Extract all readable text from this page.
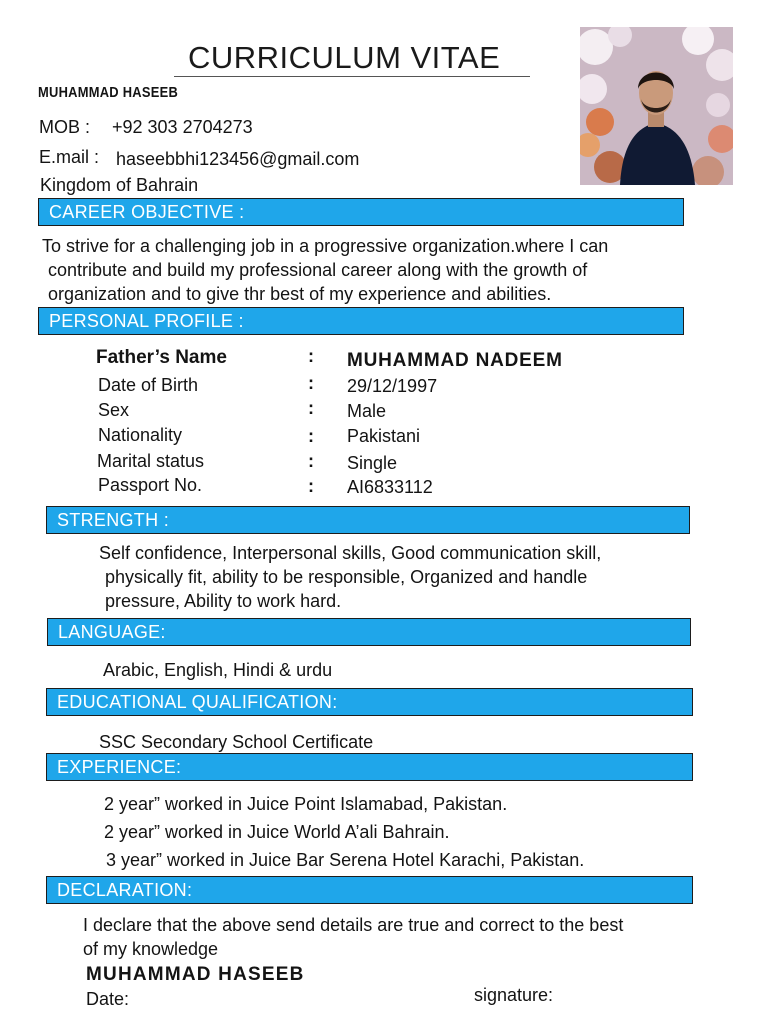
CURRICULUM VITAE
MUHAMMAD HASEEB
MOB : +92 303 2704273
E.mail : haseebbhi123456@gmail.com
Kingdom of Bahrain
CAREER OBJECTIVE :
To strive for a challenging job in a progressive organization.where I can
contribute and build my professional career along with the growth of
organization and to give thr best of my experience and abilities.
PERSONAL PROFILE :
Father’s Name	: MUHAMMAD NADEEM
Date of Birth	: 29/12/1997
Sex	: Male
Nationality	: Pakistani
Marital status	: Single
Passport No.	: AI6833112
STRENGTH :
Self confidence, Interpersonal skills, Good communication skill,
physically fit, ability to be responsible, Organized and handle
pressure, Ability to work hard.
LANGUAGE:
Arabic, English, Hindi & urdu
EDUCATIONAL QUALIFICATION:
SSC Secondary School Certificate
EXPERIENCE:
2 year” worked in Juice Point Islamabad, Pakistan.
2 year” worked in Juice World A’ali Bahrain.
3 year” worked in Juice Bar Serena Hotel Karachi, Pakistan.
DECLARATION:
I declare that the above send details are true and correct to the best
of my knowledge
MUHAMMAD HASEEB
Date:	signature:
